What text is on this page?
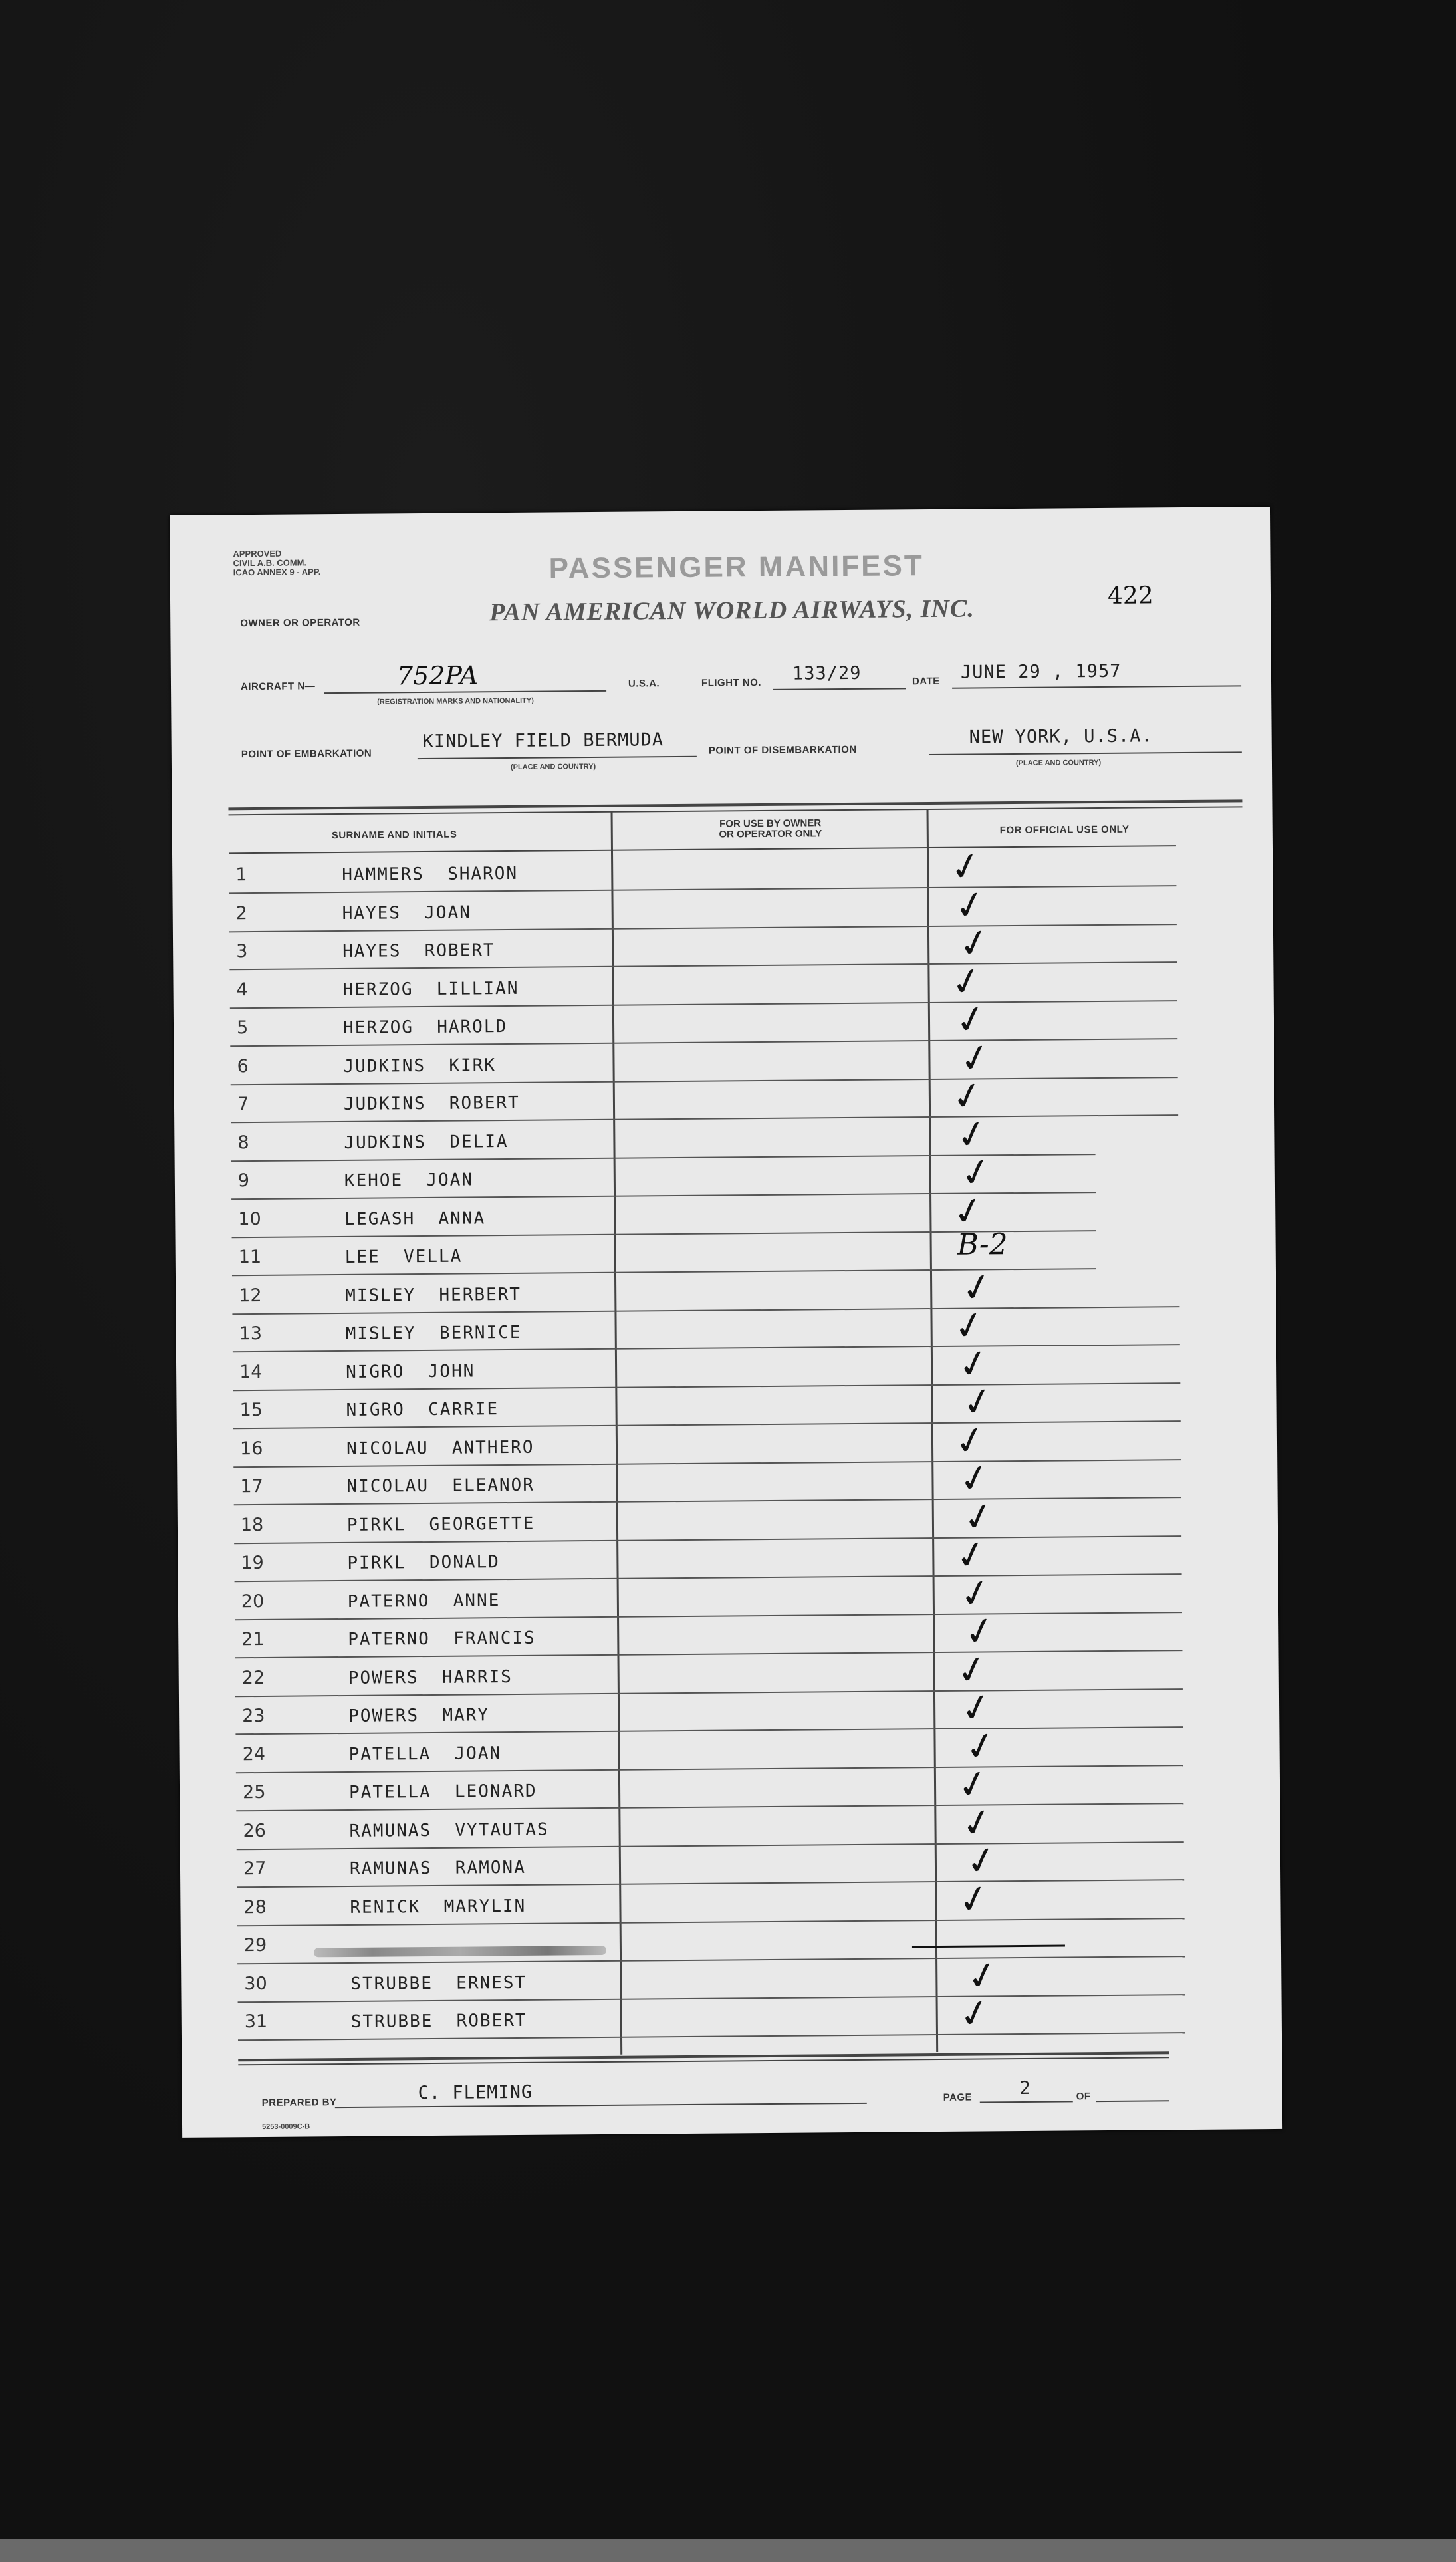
APPROVED
CIVIL A.B. COMM.
ICAO ANNEX 9 - APP.	PASSENGER MANIFEST
OWNER OR OPERATOR	PAN AMERICAN WORLD AIRWAYS, INC.	422
AIRCRAFT N—	752PA
(REGISTRATION MARKS AND NATIONALITY)
U.S.A.	FLIGHT NO. 133/29	DATE JUNE 29 , 1957
POINT OF EMBARKATION
KINDLEY FIELD BERMUDA
(PLACE AND COUNTRY)
POINT OF DISEMBARKATION
NEW YORK, U.S.A.
(PLACE AND COUNTRY)
SURNAME AND INITIALS
FOR USE BY OWNER
OR OPERATOR ONLY	FOR OFFICIAL USE ONLY
1	HAMMERS  SHARON	✓
2	HAYES  JOAN	✓
3	HAYES  ROBERT	✓
4	HERZOG  LILLIAN	✓
5	HERZOG  HAROLD	✓
6	JUDKINS  KIRK	✓
7	JUDKINS  ROBERT	✓
8	JUDKINS  DELIA	✓
9	KEHOE  JOAN	✓
10	LEGASH  ANNA	✓
11	LEE  VELLA	B-2
12	MISLEY  HERBERT	✓
13	MISLEY  BERNICE	✓
14	NIGRO  JOHN	✓
15	NIGRO  CARRIE	✓
16	NICOLAU  ANTHERO	✓
17	NICOLAU  ELEANOR	✓
18	PIRKL  GEORGETTE	✓
19	PIRKL  DONALD	✓
20	PATERNO  ANNE	✓
21	PATERNO  FRANCIS	✓
22	POWERS  HARRIS	✓
23	POWERS  MARY	✓
24	PATELLA  JOAN	✓
25	PATELLA  LEONARD	✓
26	RAMUNAS  VYTAUTAS	✓
27	RAMUNAS  RAMONA	✓
28	RENICK  MARYLIN	✓
29
30	STRUBBE  ERNEST	✓
31	STRUBBE  ROBERT	✓
PREPARED BY	C. FLEMING	PAGE	2	OF
5253-0009C-B
